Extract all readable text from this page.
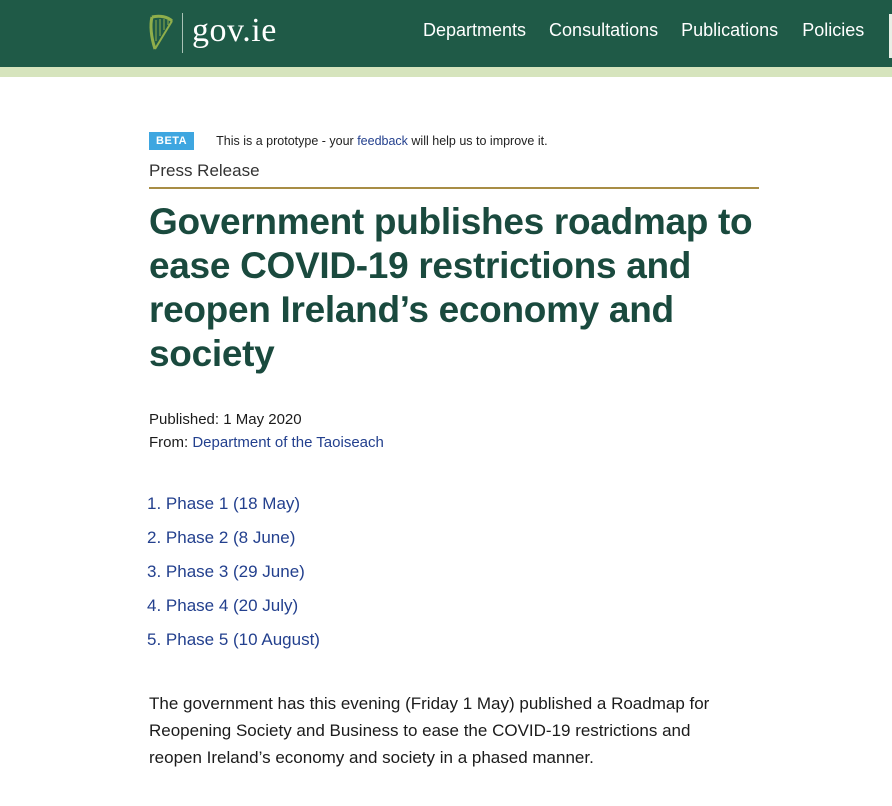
gov.ie	Departments Consultations Publications Policies
BETA	This is a prototype - your feedback will help us to improve it.
Press Release
Government publishes roadmap to ease COVID-19 restrictions and reopen Ireland’s economy and society
Published: 1 May 2020
From: Department of the Taoiseach
1. Phase 1 (18 May)
2. Phase 2 (8 June)
3. Phase 3 (29 June)
4. Phase 4 (20 July)
5. Phase 5 (10 August)

The government has this evening (Friday 1 May) published a Roadmap for Reopening Society and Business to ease the COVID-19 restrictions and reopen Ireland’s economy and society in a phased manner.
